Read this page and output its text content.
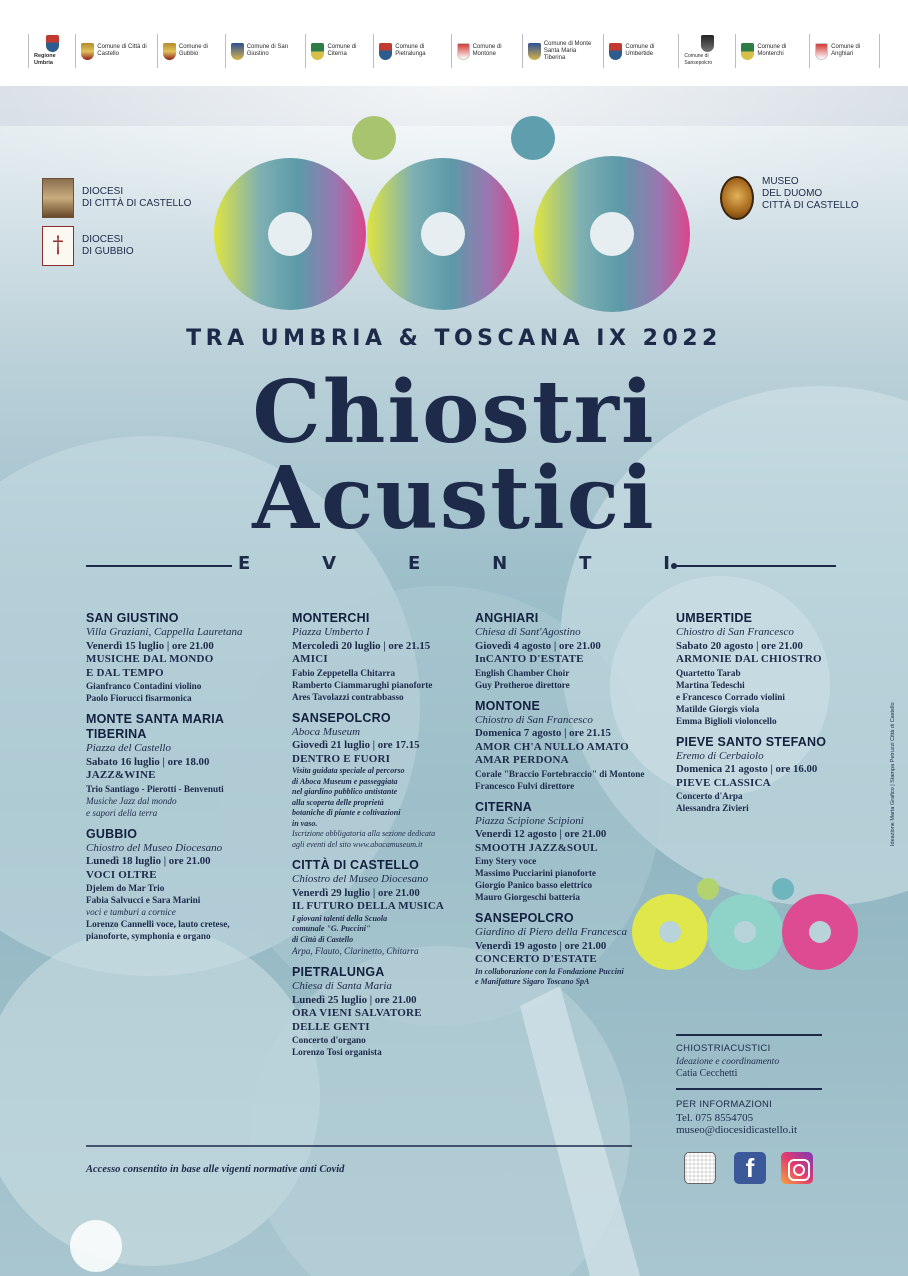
Regione Umbria
Comune di Città di Castello
Comune di Gubbio
Comune di San Giustino
Comune di Citerna
Comune di Pietralunga
Comune di Montone
Comune di Monte Santa Maria Tiberina
Comune di Umbertide	Comune di Sansepolcro
Comune di Monterchi
Comune di Anghiari
DIOCESI
DI CITTÀ DI CASTELLO
†
DIOCESI
DI GUBBIO
MUSEO
DEL DUOMO
CITTÀ DI CASTELLO
TRA UMBRIA & TOSCANA IX 2022
Chiostri
Acustici
E	V	E	N	T	I
SAN GIUSTINO
Villa Graziani, Cappella Lauretana
Venerdì 15 luglio | ore 21.00
MUSICHE DAL MONDO
E DAL TEMPO
Gianfranco Contadini violino
Paolo Fiorucci fisarmonica
MONTE SANTA MARIA TIBERINA
Piazza del Castello
Sabato 16 luglio | ore 18.00
JAZZ&WINE
Trio Santiago - Pierotti - Benvenuti
Musiche Jazz dal mondo
e sapori della terra
GUBBIO
Chiostro del Museo Diocesano
Lunedì 18 luglio | ore 21.00
VOCI OLTRE
Djelem do Mar Trio
Fabia Salvucci e Sara Marini
voci e tamburi a cornice
Lorenzo Cannelli voce, lauto cretese,
pianoforte, symphonia e organo
MONTERCHI
Piazza Umberto I
Mercoledì 20 luglio | ore 21.15
AMICI
Fabio Zeppetella Chitarra
Ramberto Ciammarughi pianoforte
Ares Tavolazzi contrabbasso
SANSEPOLCRO
Aboca Museum
Giovedì 21 luglio | ore 17.15
DENTRO E FUORI
Visita guidata speciale al percorso
di Aboca Museum e passeggiata
nel giardino pubblico antistante
alla scoperta delle proprietà
botaniche di piante e coltivazioni
in vaso.
Iscrizione obbligatoria alla sezione dedicata
agli eventi del sito www.abocamuseum.it
CITTÀ DI CASTELLO
Chiostro del Museo Diocesano
Venerdì 29 luglio | ore 21.00
IL FUTURO DELLA MUSICA
I giovani talenti della Scuola
comunale "G. Puccini"
di Città di Castello
Arpa, Flauto, Clarinetto, Chitarra
PIETRALUNGA
Chiesa di Santa Maria
Lunedì 25 luglio | ore 21.00
ORA VIENI SALVATORE
DELLE GENTI
Concerto d'organo
Lorenzo Tosi organista
ANGHIARI
Chiesa di Sant'Agostino
Giovedì 4 agosto | ore 21.00
InCANTO D'ESTATE
English Chamber Choir
Guy Protheroe direttore
MONTONE
Chiostro di San Francesco
Domenica 7 agosto | ore 21.15
AMOR CH'A NULLO AMATO
AMAR PERDONA
Corale "Braccio Fortebraccio" di Montone
Francesco Fulvi direttore
CITERNA
Piazza Scipione Scipioni
Venerdì 12 agosto | ore 21.00
SMOOTH JAZZ&SOUL
Emy Stery voce
Massimo Pucciarini pianoforte
Giorgio Panico basso elettrico
Mauro Giorgeschi batteria
SANSEPOLCRO
Giardino di Piero della Francesca
Venerdì 19 agosto | ore 21.00
CONCERTO D'ESTATE
In collaborazione con la Fondazione Puccini
e Manifatture Sigaro Toscano SpA
UMBERTIDE
Chiostro di San Francesco
Sabato 20 agosto | ore 21.00
ARMONIE DAL CHIOSTRO
Quartetto Tarab
Martina Tedeschi
e Francesco Corrado violini
Matilde Giorgis viola
Emma Biglioli violoncello
PIEVE SANTO STEFANO
Eremo di Cerbaiolo
Domenica 21 agosto | ore 16.00
PIEVE CLASSICA
Concerto d'Arpa
Alessandra Zivieri
CHIOSTRIACUSTICI
Ideazione e coordinamento
Catia Cecchetti
PER INFORMAZIONI
Tel. 075 8554705
museo@diocesidicastello.it
Accesso consentito in base alle vigenti normative anti Covid	f
Ideazione Marta Grafico | Stampa Petruzzi Città di Castello
